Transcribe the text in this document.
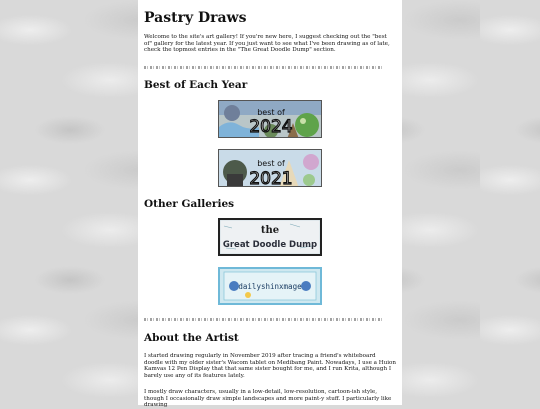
Pastry Draws

Welcome to the site's art gallery! If you're new here, I suggest checking out the "best of" gallery for the latest year. If you just want to see what I've been drawing as of late, check the topmost entries in the "The Great Doodle Dump" section.

Best of Each Year
best of
2024
best of
2021
Other Galleries
the
Great Doodle Dump
dailyshinxmage
About the Artist

I started drawing regularly in November 2019 after tracing a friend's whiteboard doodle with my older sister's Wacom tablet on Medibang Paint. Nowadays, I use a Huion Kamvas 12 Pen Display that that same sister bought for me, and I run Krita, although I barely use any of its features lately.

I mostly draw characters, usually in a low-detail, low-resolution, cartoon-ish style, though I occasionally draw simple landscapes and more paint-y stuff. I particularly like drawing
